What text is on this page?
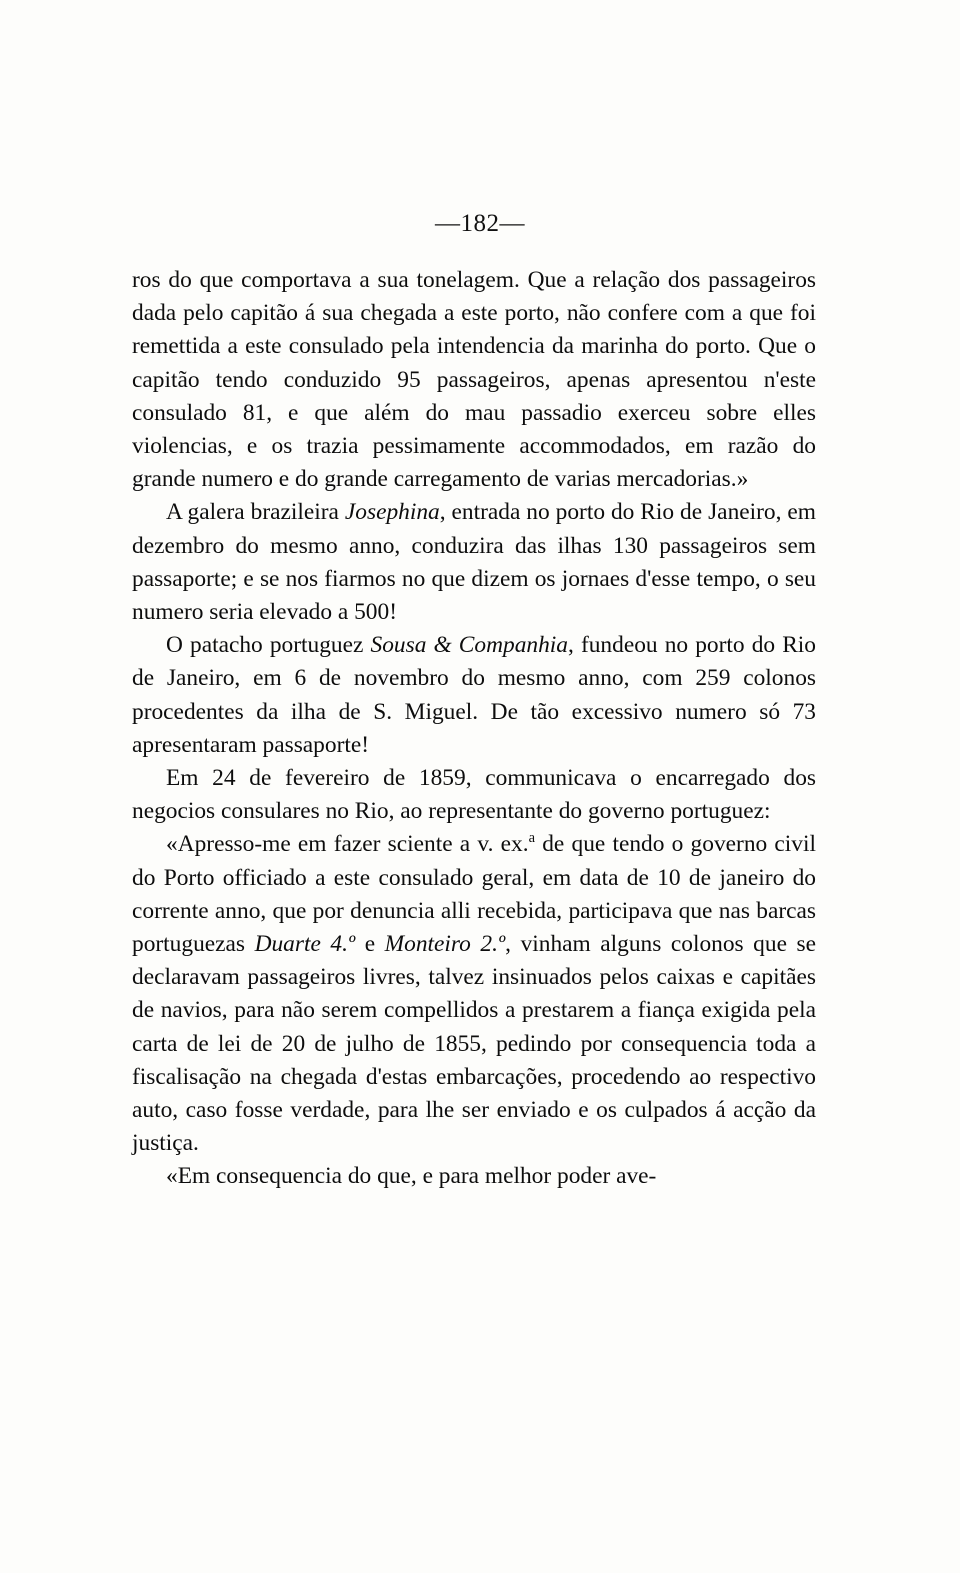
—182—

ros do que comportava a sua tonelagem. Que a relação dos passageiros dada pelo capitão á sua chegada a este porto, não confere com a que foi remettida a este consulado pela intendencia da marinha do porto. Que o capitão tendo conduzido 95 passageiros, apenas apresentou n'este consulado 81, e que além do mau passadio exerceu sobre elles violencias, e os trazia pessimamente accommodados, em razão do grande numero e do grande carregamento de varias mercadorias.»

A galera brazileira Josephina, entrada no porto do Rio de Janeiro, em dezembro do mesmo anno, conduzira das ilhas 130 passageiros sem passaporte; e se nos fiarmos no que dizem os jornaes d'esse tempo, o seu numero seria elevado a 500!

O patacho portuguez Sousa & Companhia, fundeou no porto do Rio de Janeiro, em 6 de novembro do mesmo anno, com 259 colonos procedentes da ilha de S. Miguel. De tão excessivo numero só 73 apresentaram passaporte!

Em 24 de fevereiro de 1859, communicava o encarregado dos negocios consulares no Rio, ao representante do governo portuguez:

«Apresso-me em fazer sciente a v. ex.$^a$ de que tendo o governo civil do Porto officiado a este consulado geral, em data de 10 de janeiro do corrente anno, que por denuncia alli recebida, participava que nas barcas portuguezas Duarte 4.º e Monteiro 2.º, vinham alguns colonos que se declaravam passageiros livres, talvez insinuados pelos caixas e capitães de navios, para não serem compellidos a prestarem a fiança exigida pela carta de lei de 20 de julho de 1855, pedindo por consequencia toda a fiscalisação na chegada d'estas embarcações, procedendo ao respectivo auto, caso fosse verdade, para lhe ser enviado e os culpados á acção da justiça.

«Em consequencia do que, e para melhor poder ave-
